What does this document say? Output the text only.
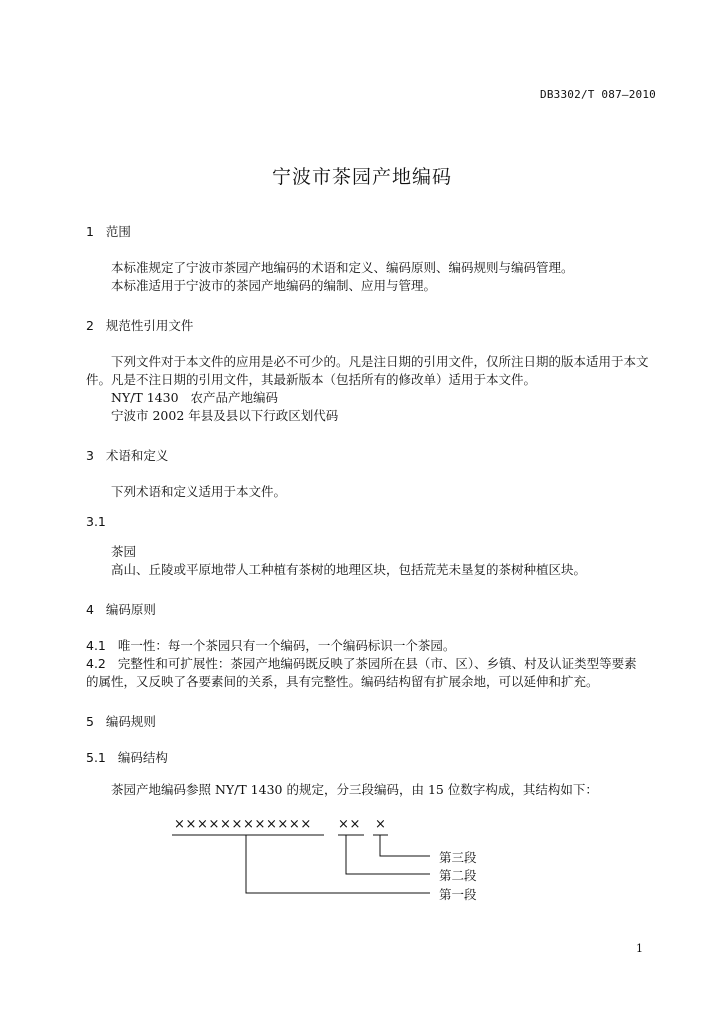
DB3302/T 087—2010
宁波市茶园产地编码
1 范围
本标准规定了宁波市茶园产地编码的术语和定义、编码原则、编码规则与编码管理。
本标准适用于宁波市的茶园产地编码的编制、应用与管理。
2 规范性引用文件
下列文件对于本文件的应用是必不可少的。凡是注日期的引用文件，仅所注日期的版本适用于本文
件。凡是不注日期的引用文件，其最新版本（包括所有的修改单）适用于本文件。
NY/T 1430 农产品产地编码
宁波市 2002 年县及县以下行政区划代码
3 术语和定义
下列术语和定义适用于本文件。
3.1
茶园
高山、丘陵或平原地带人工种植有茶树的地理区块，包括荒芜未垦复的茶树种植区块。
4 编码原则
4.1 唯一性：每一个茶园只有一个编码，一个编码标识一个茶园。
4.2 完整性和可扩展性：茶园产地编码既反映了茶园所在县（市、区）、乡镇、村及认证类型等要素
的属性，又反映了各要素间的关系，具有完整性。编码结构留有扩展余地，可以延伸和扩充。
5 编码规则
5.1 编码结构
茶园产地编码参照 NY/T 1430 的规定，分三段编码，由 15 位数字构成，其结构如下：
×××××××××××× ×× ×
第三段
第二段
第一段
1
